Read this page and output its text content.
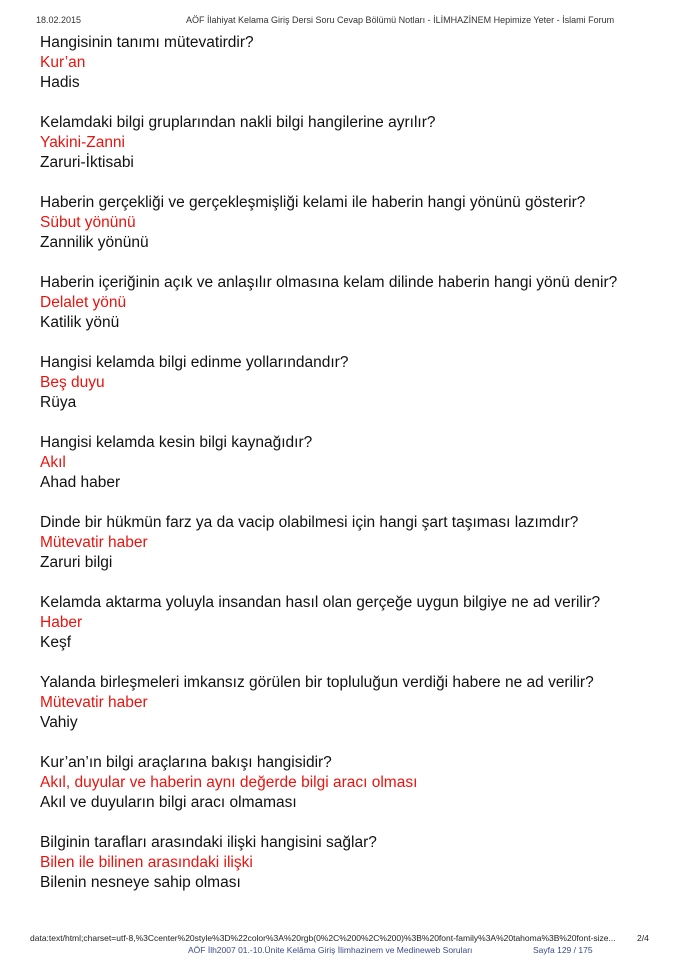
18.02.2015	AÖF İlahiyat Kelama Giriş Dersi Soru Cevap Bölümü Notları - İLİMHAZİNEM Hepimize Yeter - İslami Forum
Hangisinin tanımı mütevatirdir?
Kur’an
Hadis
Kelamdaki bilgi gruplarından nakli bilgi hangilerine ayrılır?
Yakini-Zanni
Zaruri-İktisabi
Haberin gerçekliği ve gerçekleşmişliği kelami ile haberin hangi yönünü gösterir?
Sübut yönünü
Zannilik yönünü
Haberin içeriğinin açık ve anlaşılır olmasına kelam dilinde haberin hangi yönü denir?
Delalet yönü
Katilik yönü
Hangisi kelamda bilgi edinme yollarındandır?
Beş duyu
Rüya
Hangisi kelamda kesin bilgi kaynağıdır?
Akıl
Ahad haber
Dinde bir hükmün farz ya da vacip olabilmesi için hangi şart taşıması lazımdır?
Mütevatir haber
Zaruri bilgi
Kelamda aktarma yoluyla insandan hasıl olan gerçeğe uygun bilgiye ne ad verilir?
Haber
Keşf
Yalanda birleşmeleri imkansız görülen bir topluluğun verdiği habere ne ad verilir?
Mütevatir haber
Vahiy
Kur’an’ın bilgi araçlarına bakışı hangisidir?
Akıl, duyular ve haberin aynı değerde bilgi aracı olması
Akıl ve duyuların bilgi aracı olmaması
Bilginin tarafları arasındaki ilişki hangisini sağlar?
Bilen ile bilinen arasındaki ilişki
Bilenin nesneye sahip olması
data:text/html;charset=utf-8,%3Ccenter%20style%3D%22color%3A%20rgb(0%2C%200%2C%200)%3B%20font-family%3A%20tahoma%3B%20font-size...	2/4
AÖF İlh2007 01.-10.Ünite Kelâma Giriş İlimhazinem ve Medineweb Soruları	Sayfa 129 / 175
